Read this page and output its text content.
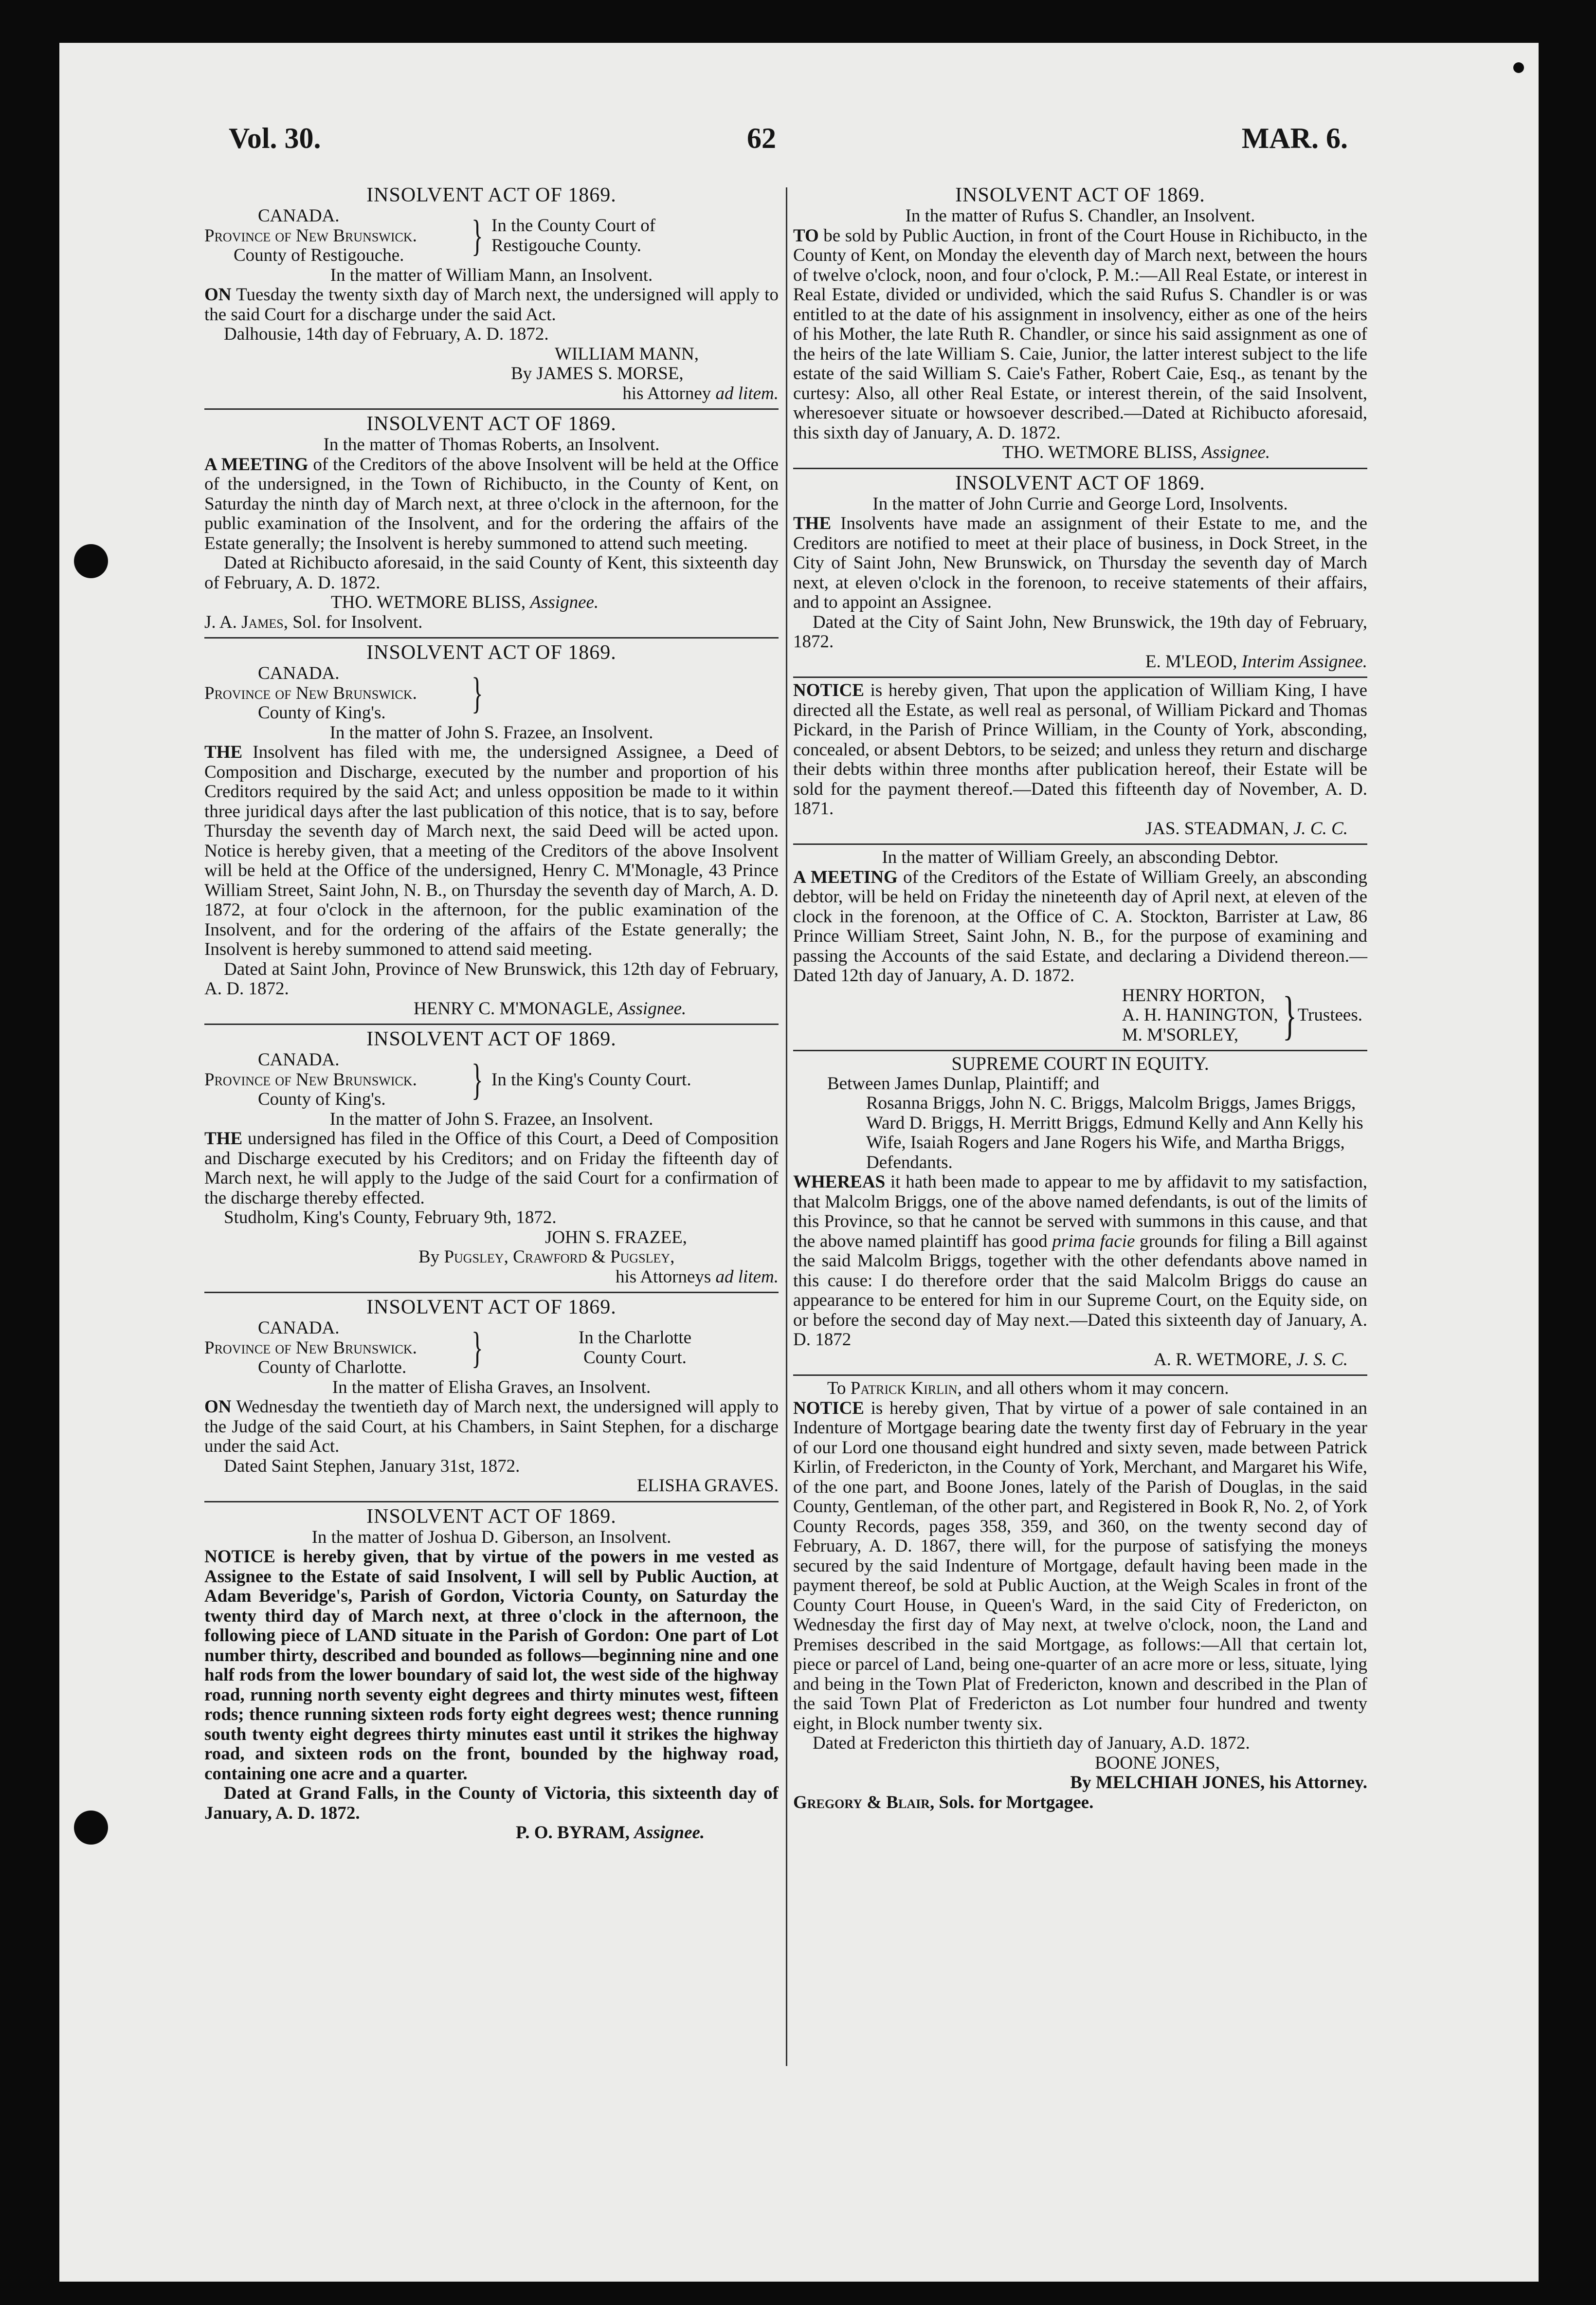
Vol. 30.	62	MAR. 6.
INSOLVENT ACT OF 1869.
CANADA.
Province of New Brunswick.
County of Restigouche.	} In the County Court of
Restigouche County.
In the matter of William Mann, an Insolvent.
ON Tuesday the twenty sixth day of March next, the undersigned will apply to the said Court for a discharge under the said Act.
Dalhousie, 14th day of February, A. D. 1872.
WILLIAM MANN,
By JAMES S. MORSE,
his Attorney ad litem.
INSOLVENT ACT OF 1869.
In the matter of Thomas Roberts, an Insolvent.
A MEETING of the Creditors of the above Insolvent will be held at the Office of the undersigned, in the Town of Richibucto, in the County of Kent, on Saturday the ninth day of March next, at three o'clock in the afternoon, for the public examination of the Insolvent, and for the ordering the affairs of the Estate generally; the Insolvent is hereby summoned to attend such meeting.
Dated at Richibucto aforesaid, in the said County of Kent, this sixteenth day of February, A. D. 1872.
THO. WETMORE BLISS, Assignee.
J. A. James, Sol. for Insolvent.
INSOLVENT ACT OF 1869.
CANADA.
Province of New Brunswick.
County of King's.	}
In the matter of John S. Frazee, an Insolvent.
THE Insolvent has filed with me, the undersigned Assignee, a Deed of Composition and Discharge, executed by the number and proportion of his Creditors required by the said Act; and unless opposition be made to it within three juridical days after the last publication of this notice, that is to say, before Thursday the seventh day of March next, the said Deed will be acted upon. Notice is hereby given, that a meeting of the Creditors of the above Insolvent will be held at the Office of the undersigned, Henry C. M'Monagle, 43 Prince William Street, Saint John, N. B., on Thursday the seventh day of March, A. D. 1872, at four o'clock in the afternoon, for the public examination of the Insolvent, and for the ordering of the affairs of the Estate generally; the Insolvent is hereby summoned to attend said meeting.
Dated at Saint John, Province of New Brunswick, this 12th day of February, A. D. 1872.
HENRY C. M'MONAGLE, Assignee.
INSOLVENT ACT OF 1869.
CANADA.
Province of New Brunswick.
County of King's.	} In the King's County Court.
In the matter of John S. Frazee, an Insolvent.
THE undersigned has filed in the Office of this Court, a Deed of Composition and Discharge executed by his Creditors; and on Friday the fifteenth day of March next, he will apply to the Judge of the said Court for a confirmation of the discharge thereby effected.
Studholm, King's County, February 9th, 1872.
JOHN S. FRAZEE,
By Pugsley, Crawford & Pugsley,
his Attorneys ad litem.
INSOLVENT ACT OF 1869.
CANADA.
Province of New Brunswick.
County of Charlotte.	}	In the Charlotte
County Court.
In the matter of Elisha Graves, an Insolvent.
ON Wednesday the twentieth day of March next, the undersigned will apply to the Judge of the said Court, at his Chambers, in Saint Stephen, for a discharge under the said Act.
Dated Saint Stephen, January 31st, 1872.
ELISHA GRAVES.
INSOLVENT ACT OF 1869.
In the matter of Joshua D. Giberson, an Insolvent.
NOTICE is hereby given, that by virtue of the powers in me vested as Assignee to the Estate of said Insolvent, I will sell by Public Auction, at Adam Beveridge's, Parish of Gordon, Victoria County, on Saturday the twenty third day of March next, at three o'clock in the afternoon, the following piece of LAND situate in the Parish of Gordon: One part of Lot number thirty, described and bounded as follows—beginning nine and one half rods from the lower boundary of said lot, the west side of the highway road, running north seventy eight degrees and thirty minutes west, fifteen rods; thence running sixteen rods forty eight degrees west; thence running south twenty eight degrees thirty minutes east until it strikes the highway road, and sixteen rods on the front, bounded by the highway road, containing one acre and a quarter.
Dated at Grand Falls, in the County of Victoria, this sixteenth day of January, A. D. 1872.
P. O. BYRAM, Assignee.
INSOLVENT ACT OF 1869.
In the matter of Rufus S. Chandler, an Insolvent.
TO be sold by Public Auction, in front of the Court House in Richibucto, in the County of Kent, on Monday the eleventh day of March next, between the hours of twelve o'clock, noon, and four o'clock, P. M.:—All Real Estate, or interest in Real Estate, divided or undivided, which the said Rufus S. Chandler is or was entitled to at the date of his assignment in insolvency, either as one of the heirs of his Mother, the late Ruth R. Chandler, or since his said assignment as one of the heirs of the late William S. Caie, Junior, the latter interest subject to the life estate of the said William S. Caie's Father, Robert Caie, Esq., as tenant by the curtesy: Also, all other Real Estate, or interest therein, of the said Insolvent, wheresoever situate or howsoever described.—Dated at Richibucto aforesaid, this sixth day of January, A. D. 1872.
THO. WETMORE BLISS, Assignee.
INSOLVENT ACT OF 1869.
In the matter of John Currie and George Lord, Insolvents.
THE Insolvents have made an assignment of their Estate to me, and the Creditors are notified to meet at their place of business, in Dock Street, in the City of Saint John, New Brunswick, on Thursday the seventh day of March next, at eleven o'clock in the forenoon, to receive statements of their affairs, and to appoint an Assignee.
Dated at the City of Saint John, New Brunswick, the 19th day of February, 1872.
E. M'LEOD, Interim Assignee.
NOTICE is hereby given, That upon the application of William King, I have directed all the Estate, as well real as personal, of William Pickard and Thomas Pickard, in the Parish of Prince William, in the County of York, absconding, concealed, or absent Debtors, to be seized; and unless they return and discharge their debts within three months after publication hereof, their Estate will be sold for the payment thereof.—Dated this fifteenth day of November, A. D. 1871.
JAS. STEADMAN, J. C. C.
In the matter of William Greely, an absconding Debtor.
A MEETING of the Creditors of the Estate of William Greely, an absconding debtor, will be held on Friday the nineteenth day of April next, at eleven of the clock in the forenoon, at the Office of C. A. Stockton, Barrister at Law, 86 Prince William Street, Saint John, N. B., for the purpose of examining and passing the Accounts of the said Estate, and declaring a Dividend thereon.—Dated 12th day of January, A. D. 1872.
HENRY HORTON,
A. H. HANINGTON,
M. M'SORLEY, } Trustees.
SUPREME COURT IN EQUITY.
Between James Dunlap, Plaintiff; and
Rosanna Briggs, John N. C. Briggs, Malcolm Briggs, James Briggs, Ward D. Briggs, H. Merritt Briggs, Edmund Kelly and Ann Kelly his Wife, Isaiah Rogers and Jane Rogers his Wife, and Martha Briggs, Defendants.
WHEREAS it hath been made to appear to me by affidavit to my satisfaction, that Malcolm Briggs, one of the above named defendants, is out of the limits of this Province, so that he cannot be served with summons in this cause, and that the above named plaintiff has good prima facie grounds for filing a Bill against the said Malcolm Briggs, together with the other defendants above named in this cause: I do therefore order that the said Malcolm Briggs do cause an appearance to be entered for him in our Supreme Court, on the Equity side, on or before the second day of May next.—Dated this sixteenth day of January, A. D. 1872
A. R. WETMORE, J. S. C.
To Patrick Kirlin, and all others whom it may concern.
NOTICE is hereby given, That by virtue of a power of sale contained in an Indenture of Mortgage bearing date the twenty first day of February in the year of our Lord one thousand eight hundred and sixty seven, made between Patrick Kirlin, of Fredericton, in the County of York, Merchant, and Margaret his Wife, of the one part, and Boone Jones, lately of the Parish of Douglas, in the said County, Gentleman, of the other part, and Registered in Book R, No. 2, of York County Records, pages 358, 359, and 360, on the twenty second day of February, A. D. 1867, there will, for the purpose of satisfying the moneys secured by the said Indenture of Mortgage, default having been made in the payment thereof, be sold at Public Auction, at the Weigh Scales in front of the County Court House, in Queen's Ward, in the said City of Fredericton, on Wednesday the first day of May next, at twelve o'clock, noon, the Land and Premises described in the said Mortgage, as follows:—All that certain lot, piece or parcel of Land, being one-quarter of an acre more or less, situate, lying and being in the Town Plat of Fredericton, known and described in the Plan of the said Town Plat of Fredericton as Lot number four hundred and twenty eight, in Block number twenty six.
Dated at Fredericton this thirtieth day of January, A.D. 1872.
BOONE JONES,
By MELCHIAH JONES, his Attorney.
Gregory & Blair, Sols. for Mortgagee.
